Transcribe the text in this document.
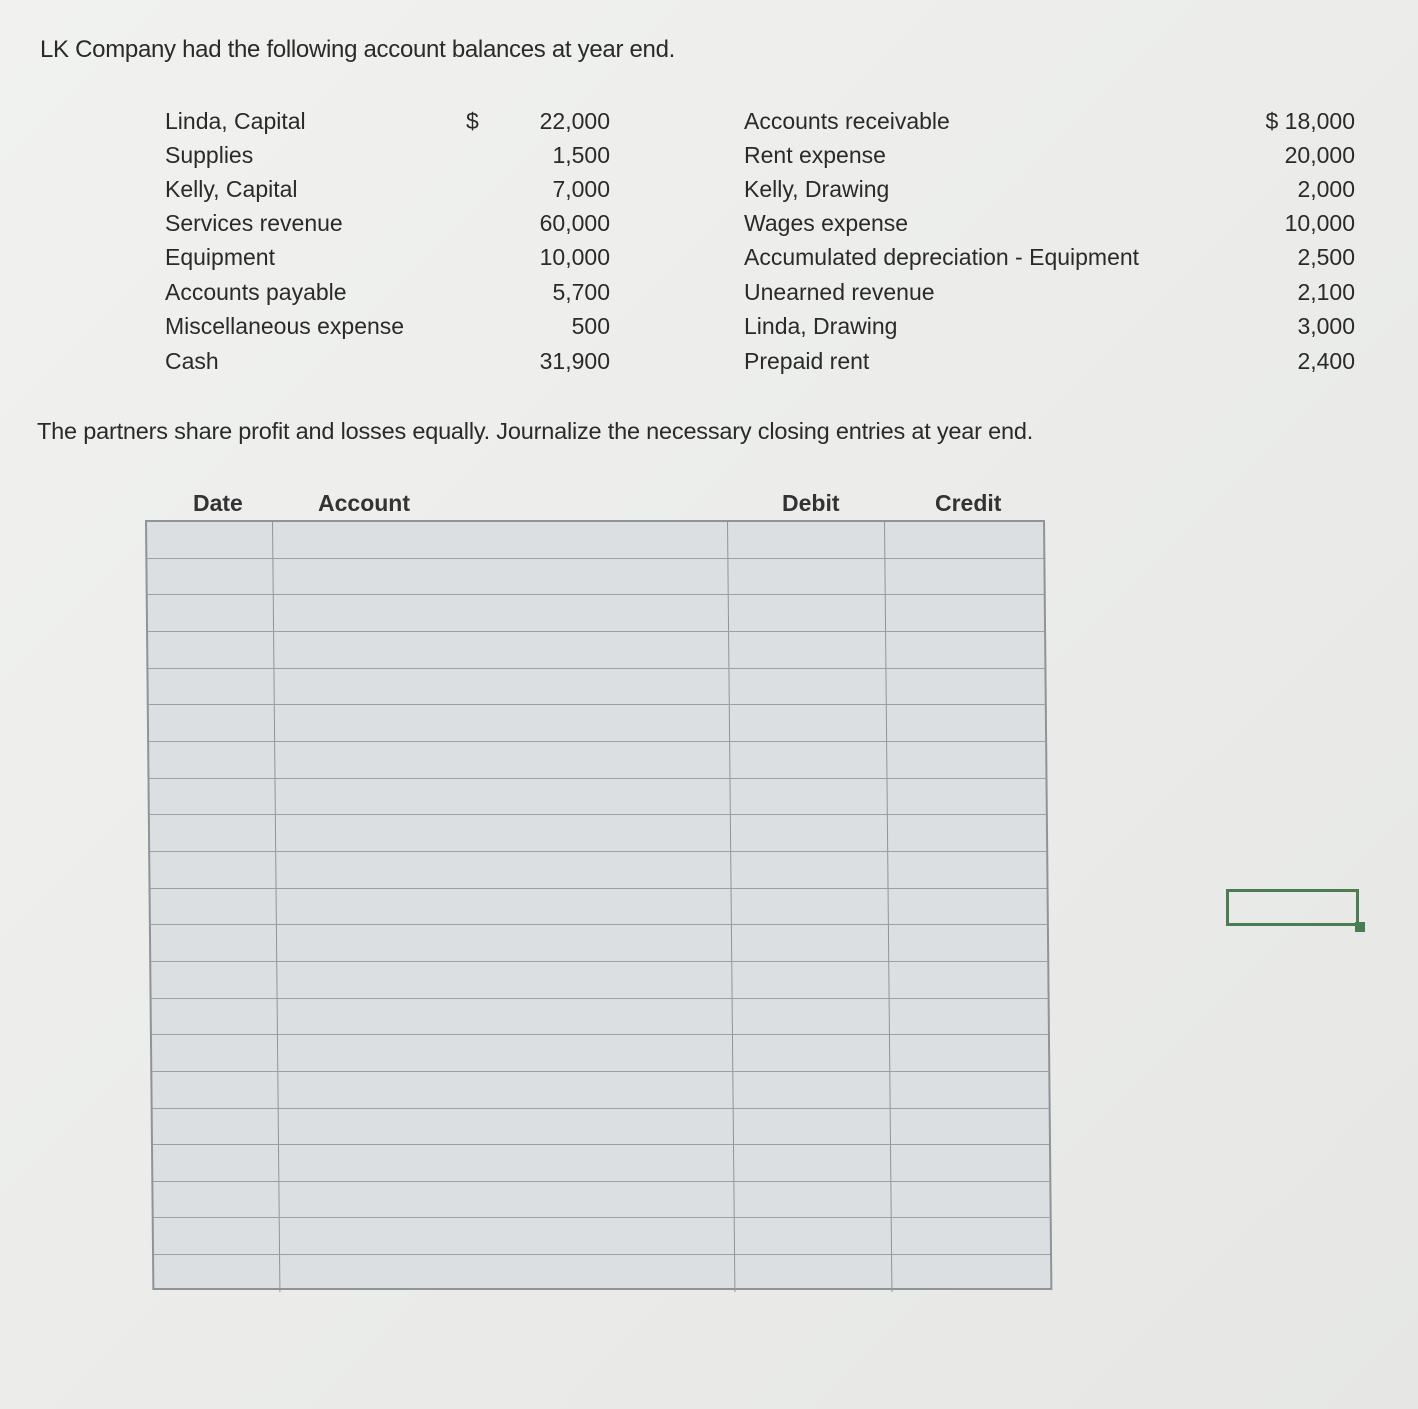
LK Company had the following account balances at year end.
Linda, Capital	$	22,000	Accounts receivable	$ 18,000
Supplies	1,500	Rent expense	20,000
Kelly, Capital	7,000	Kelly, Drawing	2,000
Services revenue	60,000	Wages expense	10,000
Equipment	10,000	Accumulated depreciation - Equipment	2,500
Accounts payable	5,700	Unearned revenue	2,100
Miscellaneous expense	500	Linda, Drawing	3,000
Cash	31,900	Prepaid rent	2,400
The partners share profit and losses equally. Journalize the necessary closing entries at year end.
Date	Account	Debit	Credit
